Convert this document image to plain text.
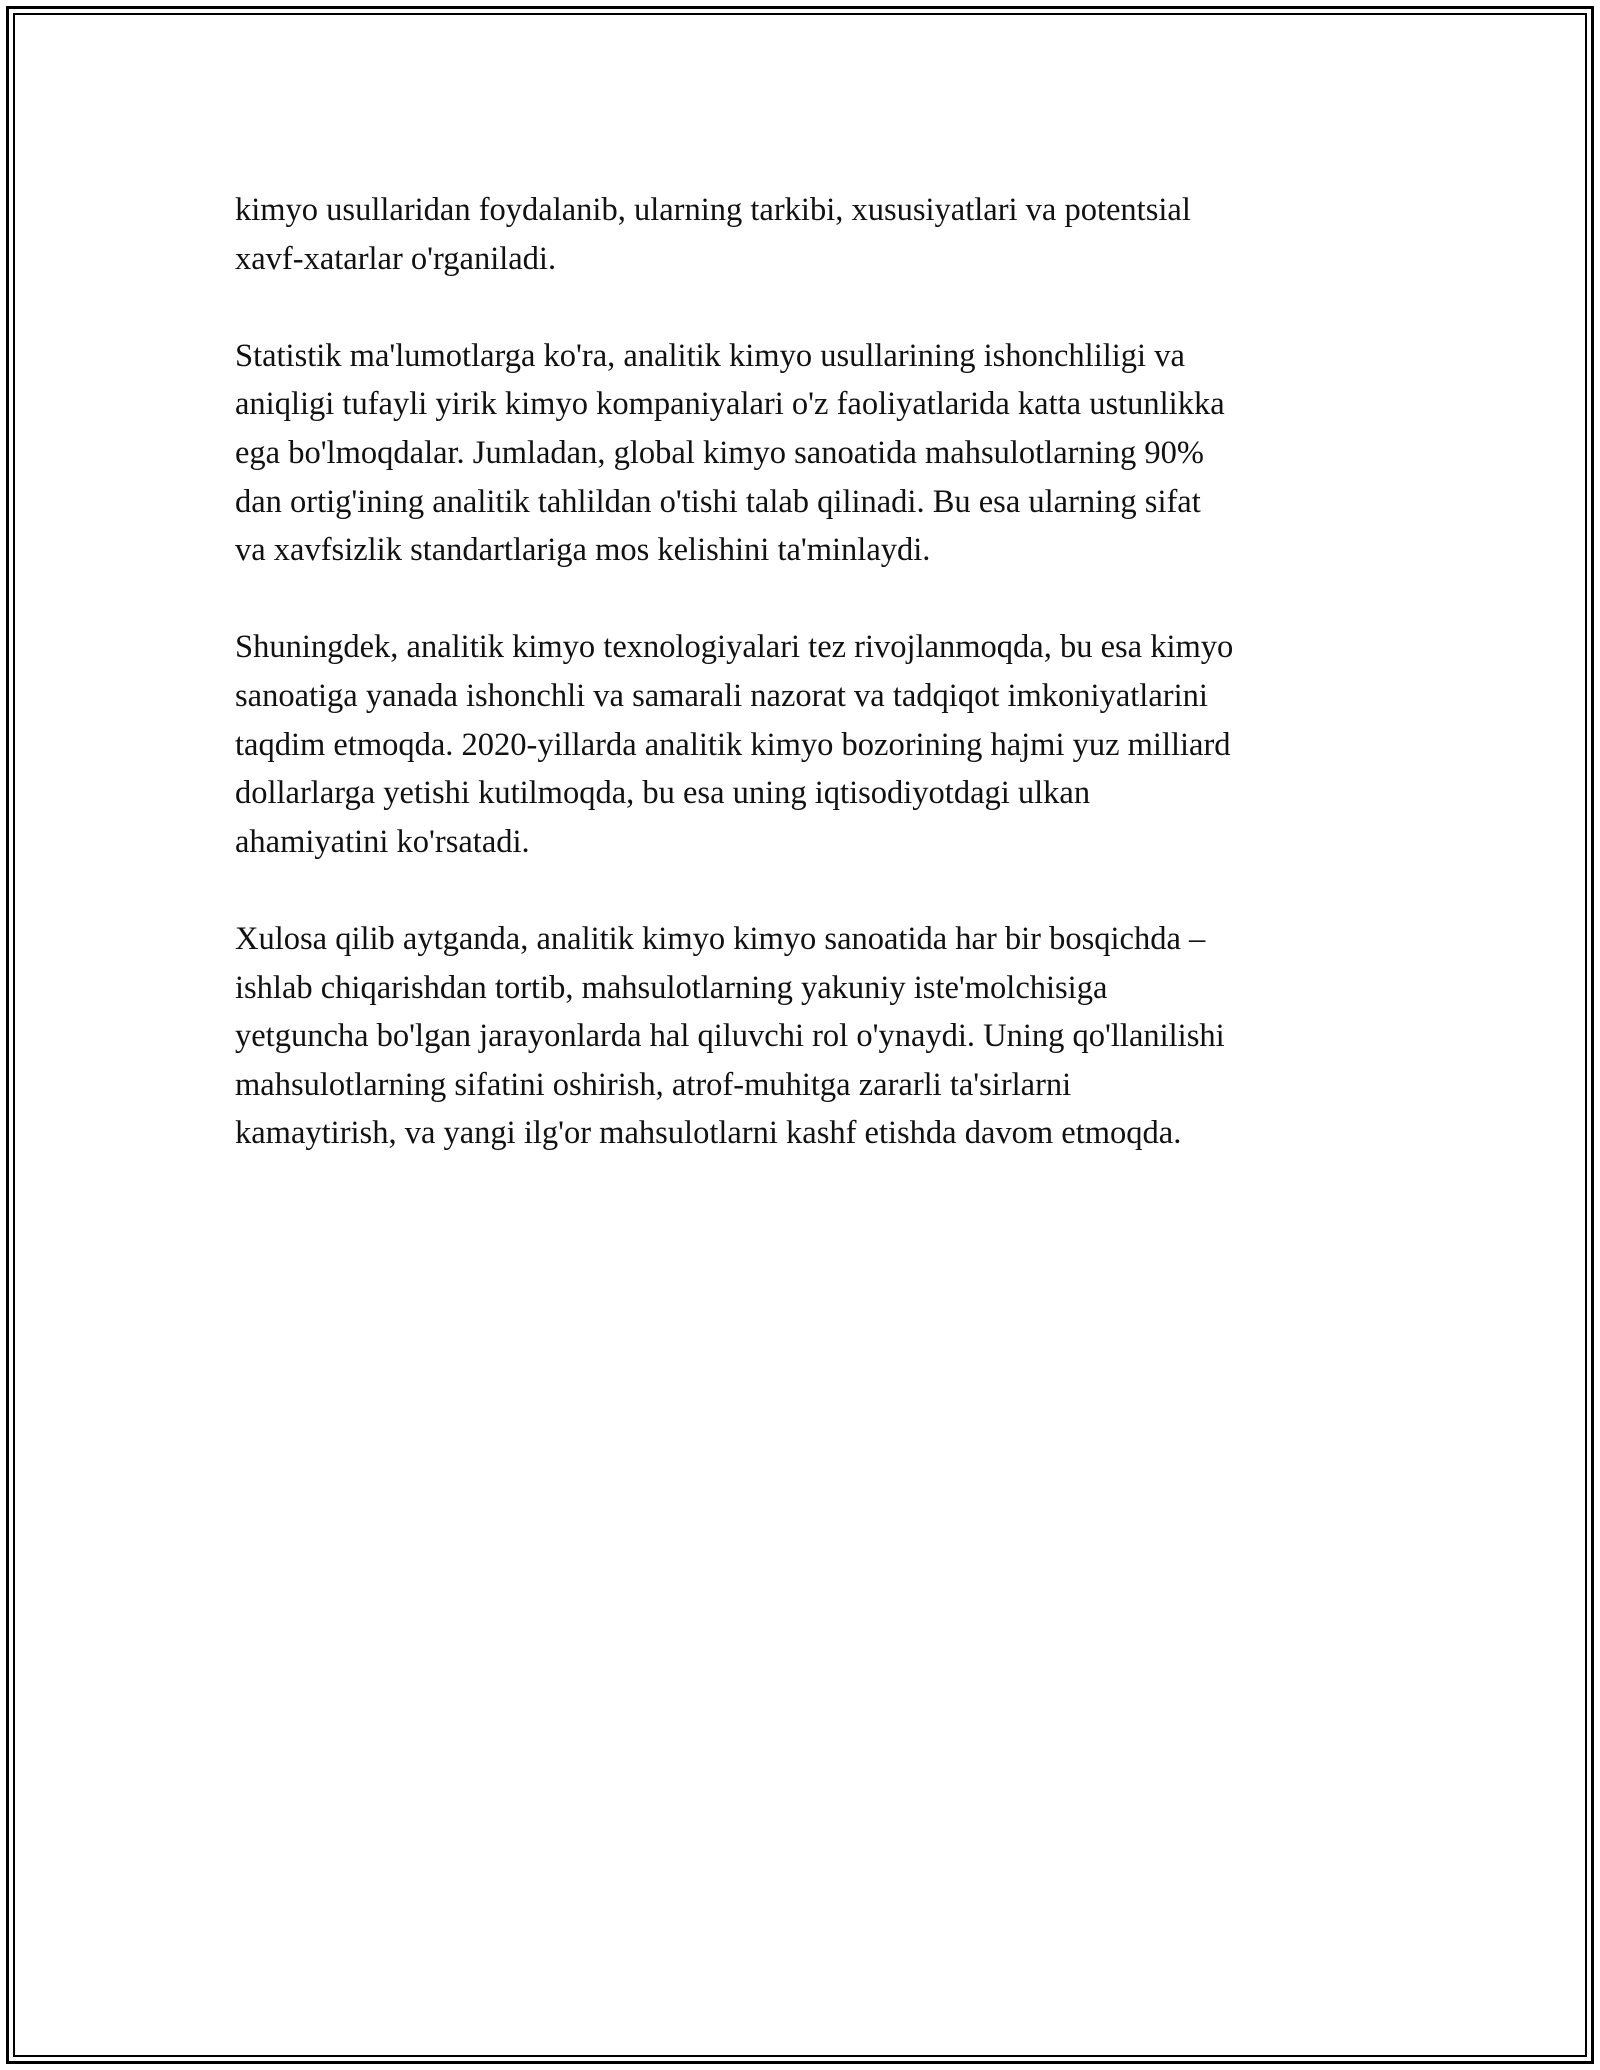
kimyo usullaridan foydalanib, ularning tarkibi, xususiyatlari va potentsial
xavf-xatarlar o'rganiladi.

Statistik ma'lumotlarga ko'ra, analitik kimyo usullarining ishonchliligi va
aniqligi tufayli yirik kimyo kompaniyalari o'z faoliyatlarida katta ustunlikka
ega bo'lmoqdalar. Jumladan, global kimyo sanoatida mahsulotlarning 90%
dan ortig'ining analitik tahlildan o'tishi talab qilinadi. Bu esa ularning sifat
va xavfsizlik standartlariga mos kelishini ta'minlaydi.

Shuningdek, analitik kimyo texnologiyalari tez rivojlanmoqda, bu esa kimyo
sanoatiga yanada ishonchli va samarali nazorat va tadqiqot imkoniyatlarini
taqdim etmoqda. 2020-yillarda analitik kimyo bozorining hajmi yuz milliard
dollarlarga yetishi kutilmoqda, bu esa uning iqtisodiyotdagi ulkan
ahamiyatini ko'rsatadi.

Xulosa qilib aytganda, analitik kimyo kimyo sanoatida har bir bosqichda –
ishlab chiqarishdan tortib, mahsulotlarning yakuniy iste'molchisiga
yetguncha bo'lgan jarayonlarda hal qiluvchi rol o'ynaydi. Uning qo'llanilishi
mahsulotlarning sifatini oshirish, atrof-muhitga zararli ta'sirlarni
kamaytirish, va yangi ilg'or mahsulotlarni kashf etishda davom etmoqda.
